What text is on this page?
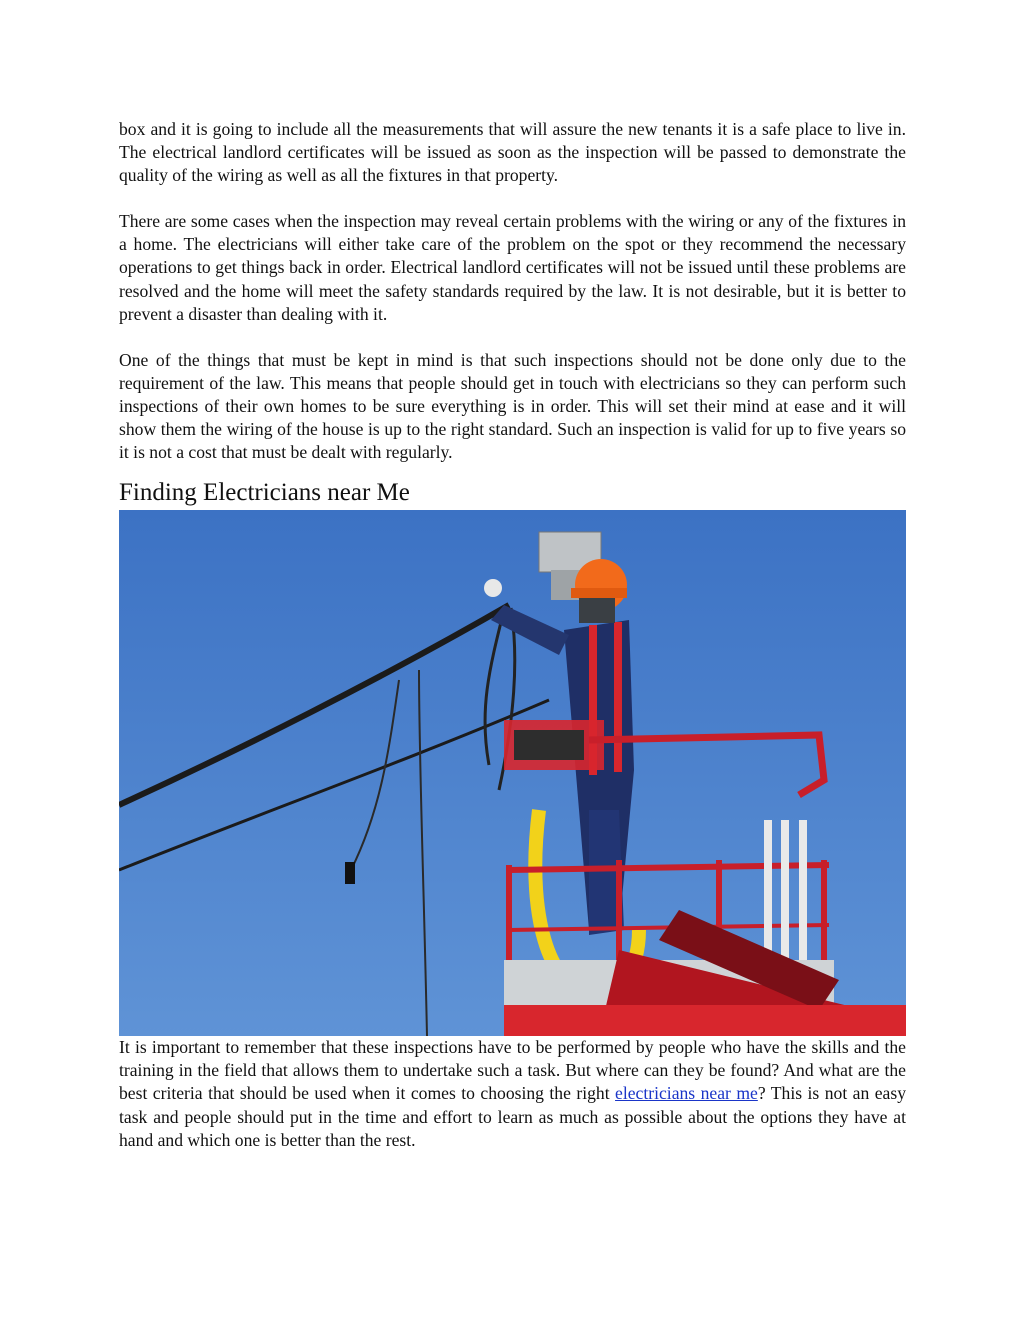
box and it is going to include all the measurements that will assure the new tenants it is a safe place to live in. The electrical landlord certificates will be issued as soon as the inspection will be passed to demonstrate the quality of the wiring as well as all the fixtures in that property.

There are some cases when the inspection may reveal certain problems with the wiring or any of the fixtures in a home. The electricians will either take care of the problem on the spot or they recommend the necessary operations to get things back in order. Electrical landlord certificates will not be issued until these problems are resolved and the home will meet the safety standards required by the law. It is not desirable, but it is better to prevent a disaster than dealing with it.

One of the things that must be kept in mind is that such inspections should not be done only due to the requirement of the law. This means that people should get in touch with electricians so they can perform such inspections of their own homes to be sure everything is in order. This will set their mind at ease and it will show them the wiring of the house is up to the right standard. Such an inspection is valid for up to five years so it is not a cost that must be dealt with regularly.

Finding Electricians near Me

It is important to remember that these inspections have to be performed by people who have the skills and the training in the field that allows them to undertake such a task. But where can they be found? And what are the best criteria that should be used when it comes to choosing the right electricians near me? This is not an easy task and people should put in the time and effort to learn as much as possible about the options they have at hand and which one is better than the rest.
